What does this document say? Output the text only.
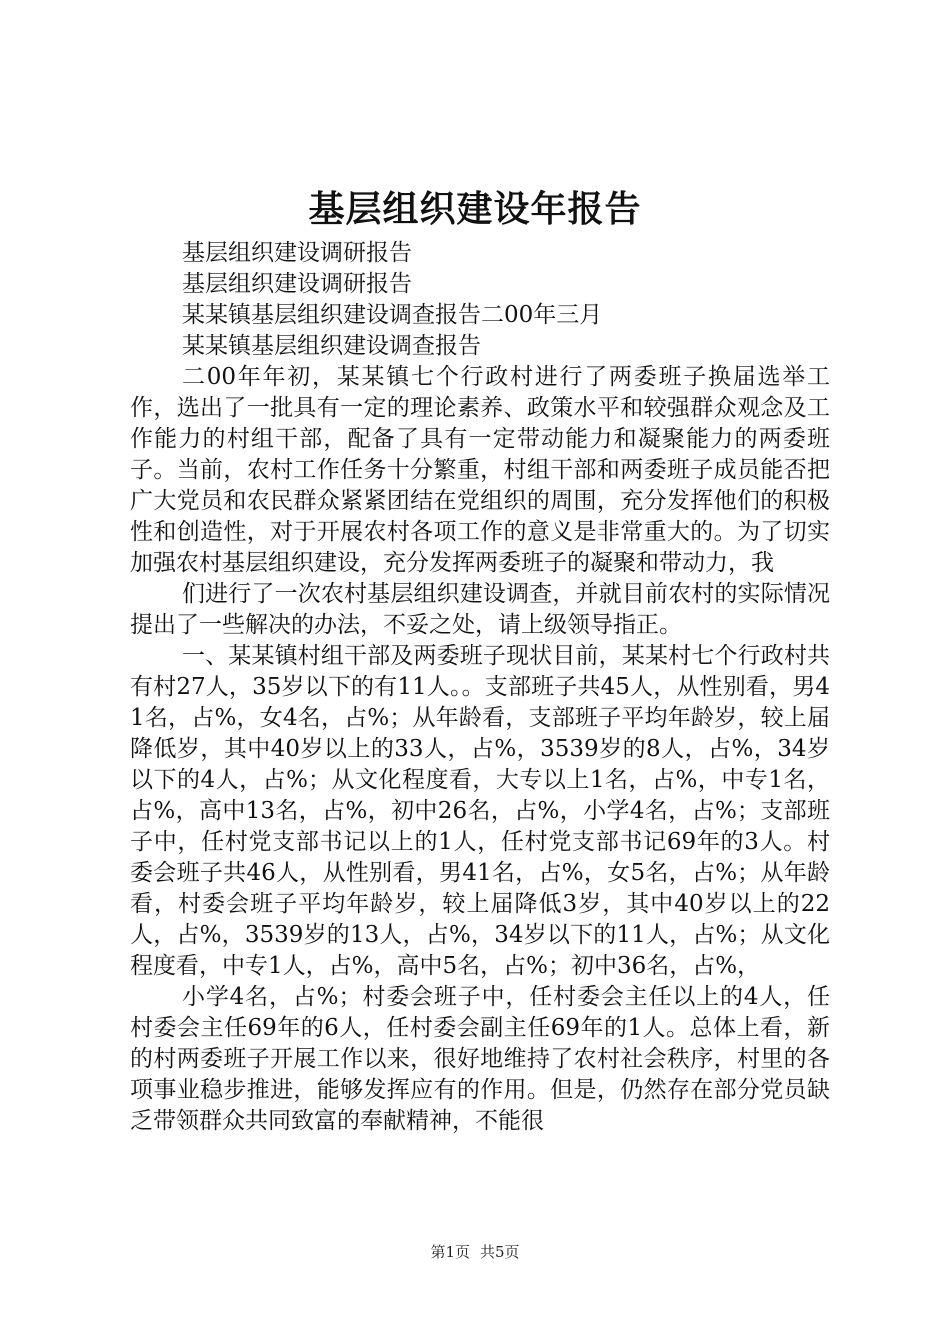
基层组织建设年报告

基层组织建设调研报告

基层组织建设调研报告

某某镇基层组织建设调查报告二00年三月

某某镇基层组织建设调查报告

二00年年初，某某镇七个行政村进行了两委班子换届选举工作，选出了一批具有一定的理论素养、政策水平和较强群众观念及工作能力的村组干部，配备了具有一定带动能力和凝聚能力的两委班子。当前，农村工作任务十分繁重，村组干部和两委班子成员能否把广大党员和农民群众紧紧团结在党组织的周围，充分发挥他们的积极性和创造性，对于开展农村各项工作的意义是非常重大的。为了切实加强农村基层组织建设，充分发挥两委班子的凝聚和带动力，我

们进行了一次农村基层组织建设调查，并就目前农村的实际情况提出了一些解决的办法，不妥之处，请上级领导指正。

一、某某镇村组干部及两委班子现状目前，某某村七个行政村共有村27人，35岁以下的有11人。。支部班子共45人，从性别看，男41名，占%，女4名，占%；从年龄看，支部班子平均年龄岁，较上届降低岁，其中40岁以上的33人，占%，3539岁的8人，占%，34岁以下的4人，占%；从文化程度看，大专以上1名，占%，中专1名，占%，高中13名，占%，初中26名，占%，小学4名，占%；支部班子中，任村党支部书记以上的1人，任村党支部书记69年的3人。村委会班子共46人，从性别看，男41名，占%，女5名，占%；从年龄看，村委会班子平均年龄岁，较上届降低3岁，其中40岁以上的22人，占%，3539岁的13人，占%，34岁以下的11人，占%；从文化程度看，中专1人，占%，高中5名，占%；初中36名，占%，

小学4名，占%；村委会班子中，任村委会主任以上的4人，任村委会主任69年的6人，任村委会副主任69年的1人。总体上看，新的村两委班子开展工作以来，很好地维持了农村社会秩序，村里的各项事业稳步推进，能够发挥应有的作用。但是，仍然存在部分党员缺乏带领群众共同致富的奉献精神，不能很

第1页 共5页
